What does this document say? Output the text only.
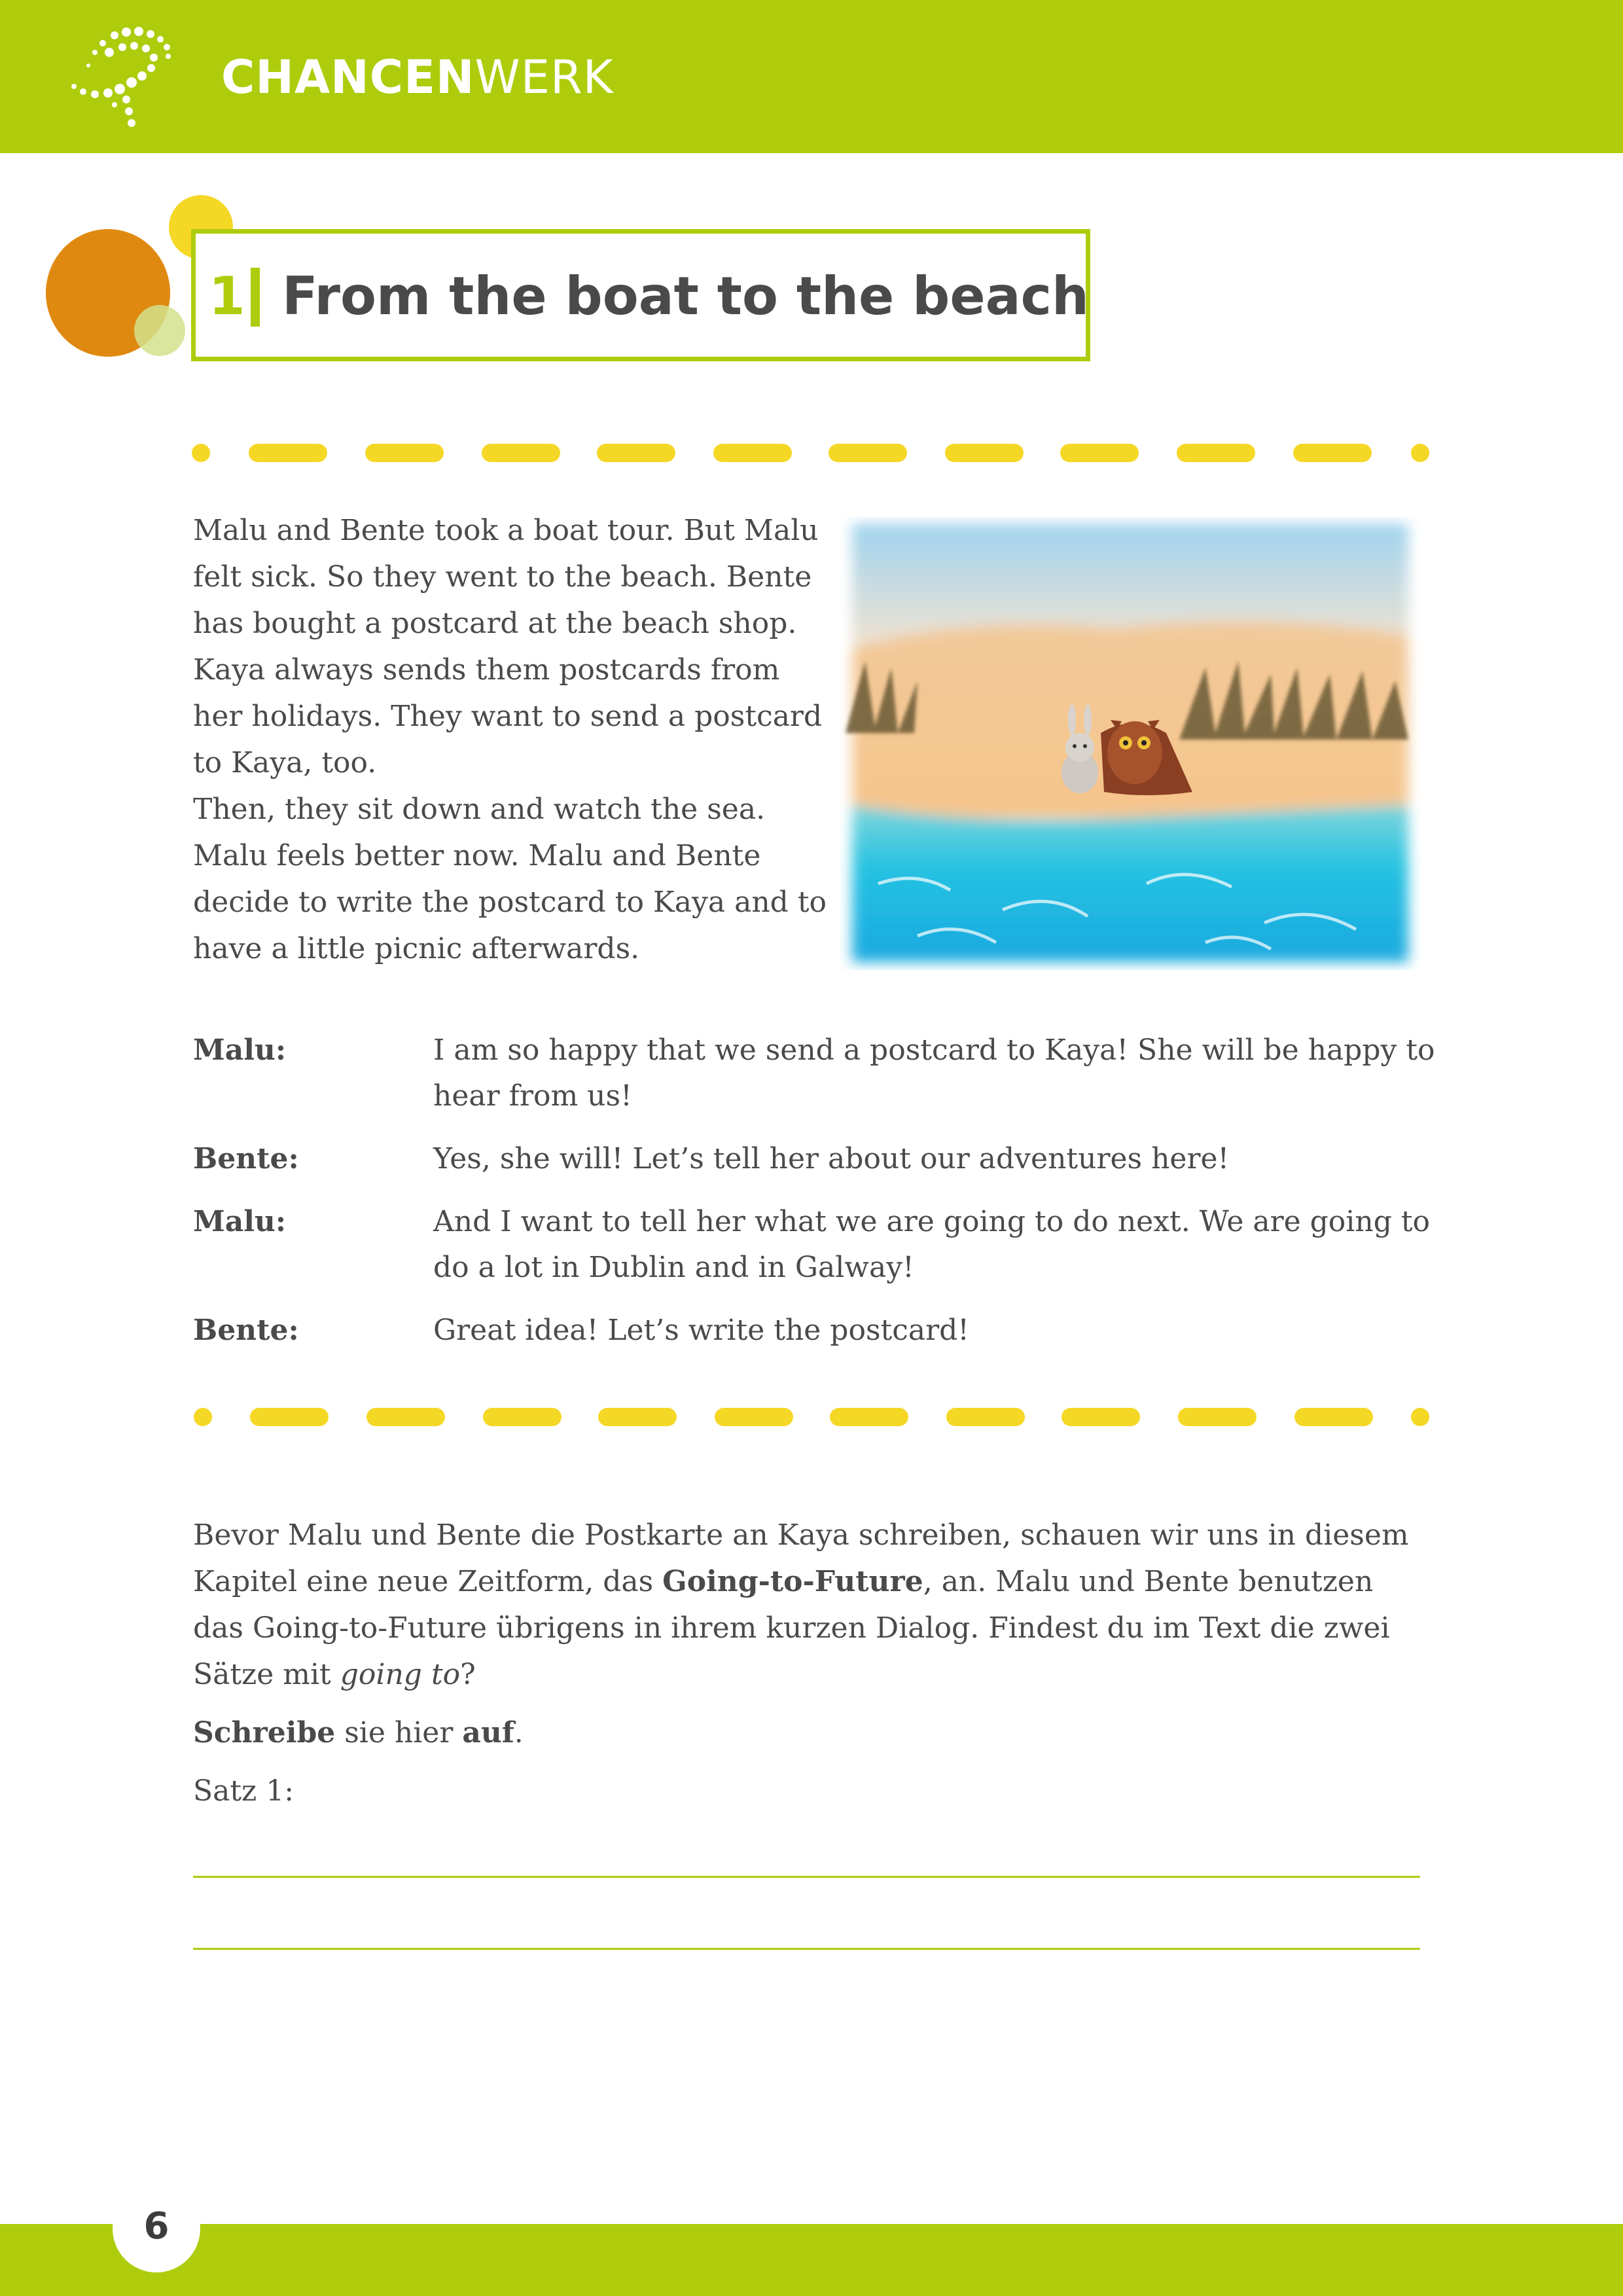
CHANCENWERK
1 From the boat to the beach

Malu and Bente took a boat tour. But Malu felt sick. So they went to the beach. Bente has bought a postcard at the beach shop. Kaya always sends them postcards from her holidays. They want to send a postcard to Kaya, too.

Then, they sit down and watch the sea. Malu feels better now. Malu and Bente decide to write the postcard to Kaya and to have a little picnic afterwards.

Malu:	I am so happy that we send a postcard to Kaya! She will be happy to hear from us!
Bente:	Yes, she will! Let’s tell her about our adventures here!
Malu:	And I want to tell her what we are going to do next. We are going to do a lot in Dublin and in Galway!
Bente:	Great idea! Let’s write the postcard!

Bevor Malu und Bente die Postkarte an Kaya schreiben, schauen wir uns in diesem Kapitel eine neue Zeitform, das Going-to-Future, an. Malu und Bente benutzen das Going-to-Future übrigens in ihrem kurzen Dialog. Findest du im Text die zwei Sätze mit going to?

Schreibe sie hier auf.

Satz 1:

6
